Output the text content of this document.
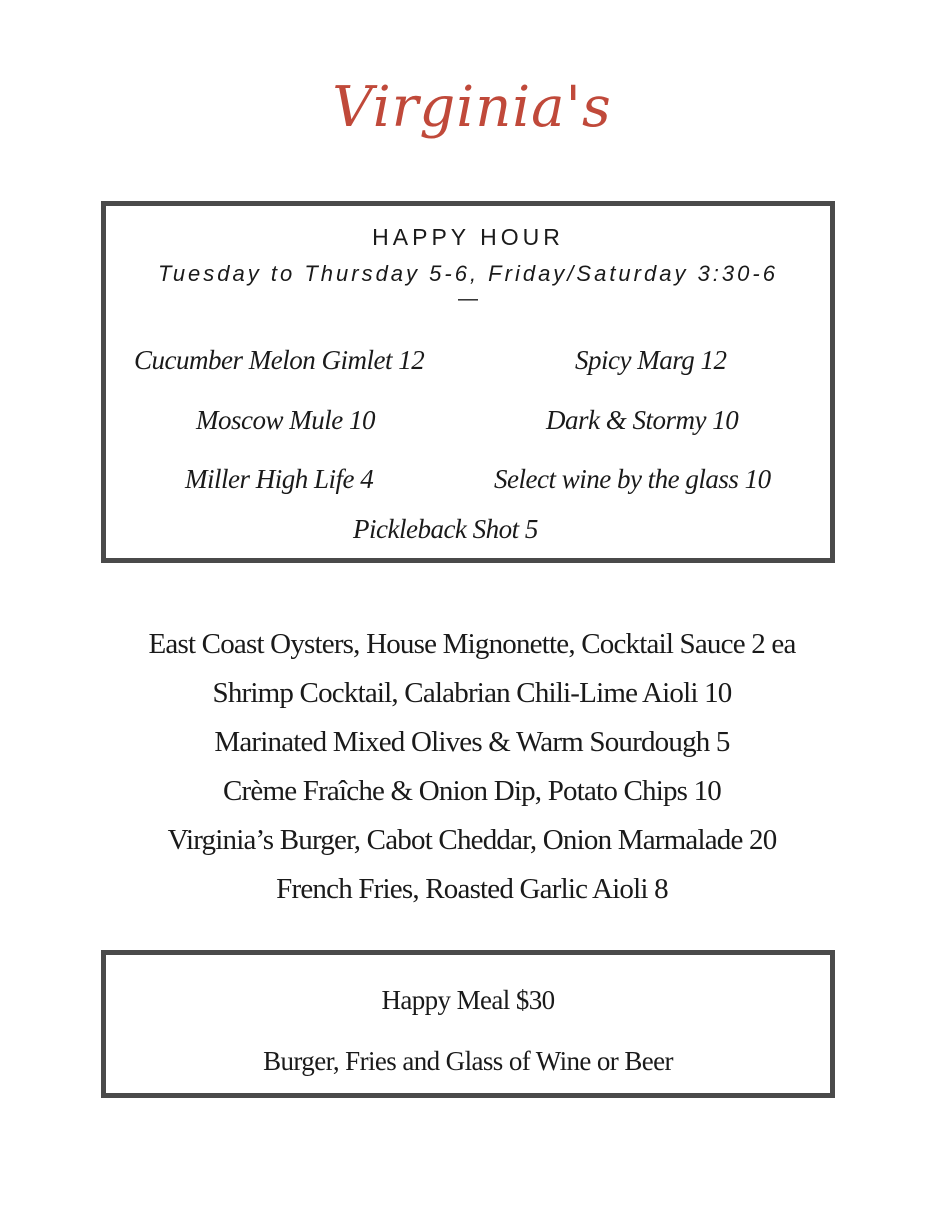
Virginia's
HAPPY HOUR
Tuesday to Thursday 5-6, Friday/Saturday 3:30-6
—
Cucumber Melon Gimlet 12	Spicy Marg 12
Moscow Mule 10	Dark & Stormy 10
Miller High Life 4	Select wine by the glass 10
Pickleback Shot 5
East Coast Oysters, House Mignonette, Cocktail Sauce 2 ea
Shrimp Cocktail, Calabrian Chili-Lime Aioli 10
Marinated Mixed Olives & Warm Sourdough 5
Crème Fraîche & Onion Dip, Potato Chips 10
Virginia’s Burger, Cabot Cheddar, Onion Marmalade 20
French Fries, Roasted Garlic Aioli 8
Happy Meal $30
Burger, Fries and Glass of Wine or Beer
